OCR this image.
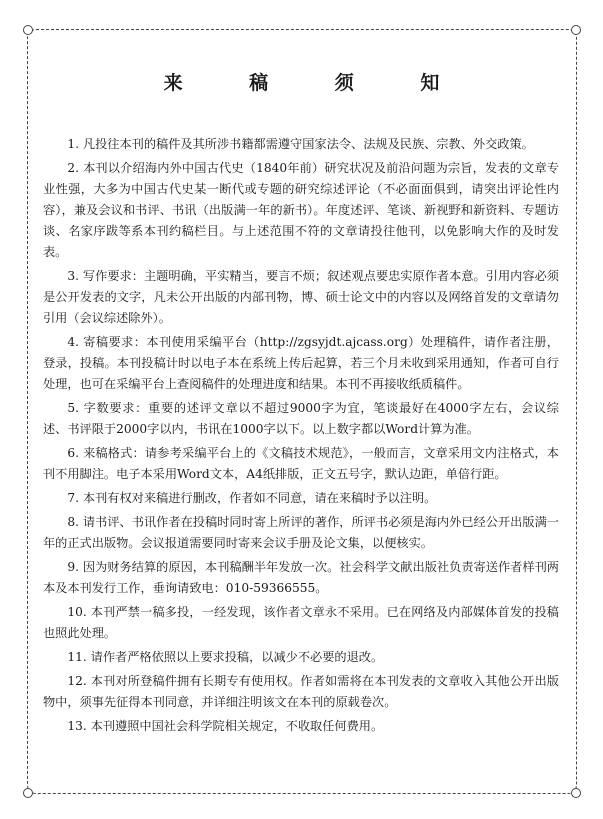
来 稿 须 知

1. 凡投往本刊的稿件及其所涉书籍都需遵守国家法令、法规及民族、宗教、外交政策。

2. 本刊以介绍海内外中国古代史（1840年前）研究状况及前沿问题为宗旨，发表的文章专业性强，大多为中国古代史某一断代或专题的研究综述评论（不必面面俱到，请突出评论性内容），兼及会议和书评、书讯（出版满一年的新书）。年度述评、笔谈、新视野和新资料、专题访谈、名家序跋等系本刊约稿栏目。与上述范围不符的文章请投往他刊，以免影响大作的及时发表。

3. 写作要求：主题明确，平实精当，要言不烦；叙述观点要忠实原作者本意。引用内容必须是公开发表的文字，凡未公开出版的内部刊物，博、硕士论文中的内容以及网络首发的文章请勿引用（会议综述除外）。

4. 寄稿要求：本刊使用采编平台（http://zgsyjdt.ajcass.org）处理稿件，请作者注册，登录，投稿。本刊投稿计时以电子本在系统上传后起算，若三个月未收到采用通知，作者可自行处理，也可在采编平台上查阅稿件的处理进度和结果。本刊不再接收纸质稿件。

5. 字数要求：重要的述评文章以不超过9000字为宜，笔谈最好在4000字左右，会议综述、书评限于2000字以内，书讯在1000字以下。以上数字都以Word计算为准。

6. 来稿格式：请参考采编平台上的《文稿技术规范》，一般而言，文章采用文内注格式，本刊不用脚注。电子本采用Word文本，A4纸排版，正文五号字，默认边距，单倍行距。

7. 本刊有权对来稿进行删改，作者如不同意，请在来稿时予以注明。

8. 请书评、书讯作者在投稿时同时寄上所评的著作，所评书必须是海内外已经公开出版满一年的正式出版物。会议报道需要同时寄来会议手册及论文集，以便核实。

9. 因为财务结算的原因，本刊稿酬半年发放一次。社会科学文献出版社负责寄送作者样刊两本及本刊发行工作，垂询请致电：010-59366555。

10. 本刊严禁一稿多投，一经发现，该作者文章永不采用。已在网络及内部媒体首发的投稿也照此处理。

11. 请作者严格依照以上要求投稿，以减少不必要的退改。

12. 本刊对所登稿件拥有长期专有使用权。作者如需将在本刊发表的文章收入其他公开出版物中，须事先征得本刊同意，并详细注明该文在本刊的原载卷次。

13. 本刊遵照中国社会科学院相关规定，不收取任何费用。
